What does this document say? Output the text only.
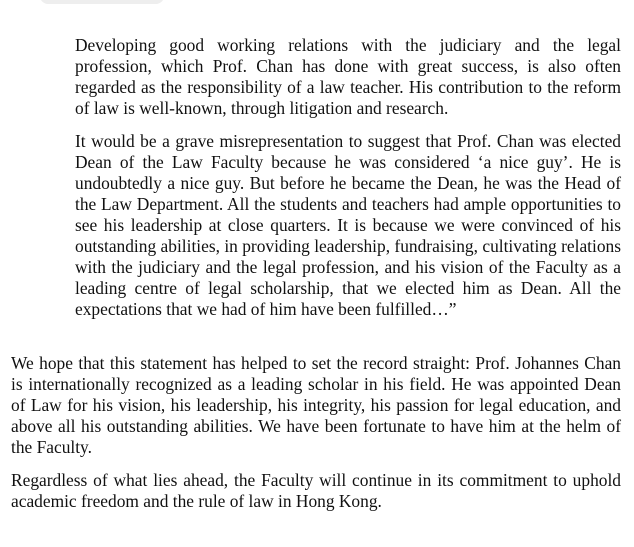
Developing good working relations with the judiciary and the legal profession, which Prof. Chan has done with great success, is also often regarded as the responsibility of a law teacher. His contribution to the reform of law is well-known, through litigation and research.

It would be a grave misrepresentation to suggest that Prof. Chan was elected Dean of the Law Faculty because he was considered ‘a nice guy’. He is undoubtedly a nice guy. But before he became the Dean, he was the Head of the Law Department. All the students and teachers had ample opportunities to see his leadership at close quarters. It is because we were convinced of his outstanding abilities, in providing leadership, fundraising, cultivating relations with the judiciary and the legal profession, and his vision of the Faculty as a leading centre of legal scholarship, that we elected him as Dean. All the expectations that we had of him have been fulfilled…”

We hope that this statement has helped to set the record straight: Prof. Johannes Chan is internationally recognized as a leading scholar in his field. He was appointed Dean of Law for his vision, his leadership, his integrity, his passion for legal education, and above all his outstanding abilities. We have been fortunate to have him at the helm of the Faculty.

Regardless of what lies ahead, the Faculty will continue in its commitment to uphold academic freedom and the rule of law in Hong Kong.
